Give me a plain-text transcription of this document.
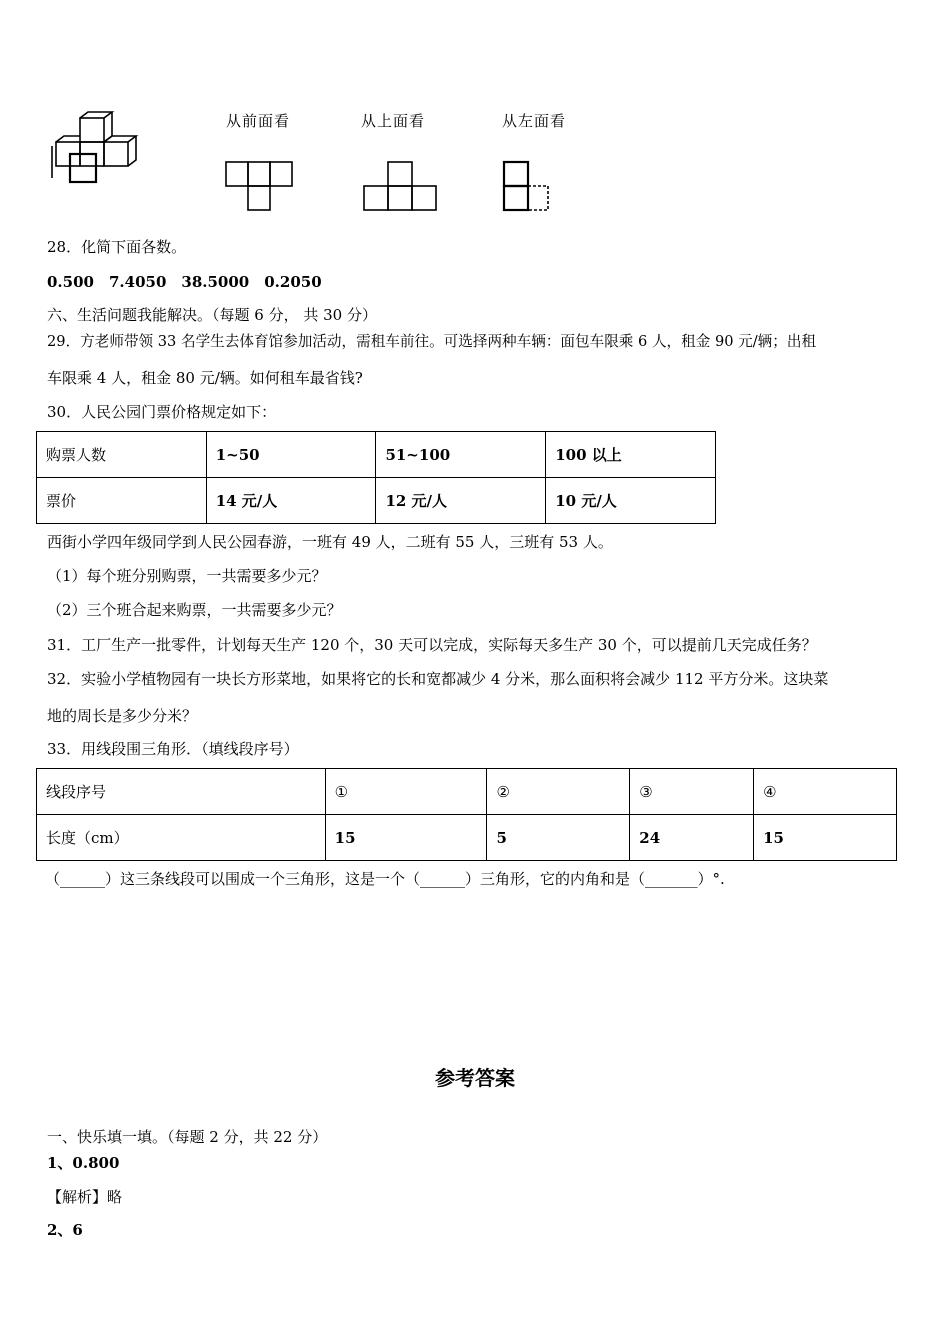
从前面看	从上面看	从左面看
28．化简下面各数。
0.500　7.4050　38.5000　0.2050
六、生活问题我能解决。（每题 6 分， 共 30 分）
29．方老师带领 33 名学生去体育馆参加活动，需租车前往。可选择两种车辆：面包车限乘 6 人，租金 90 元/辆；出租
车限乘 4 人，租金 80 元/辆。如何租车最省钱?
30．人民公园门票价格规定如下：
购票人数	1~50	51~100	100 以上
票价	14 元/人	12 元/人	10 元/人
西街小学四年级同学到人民公园春游，一班有 49 人，二班有 55 人，三班有 53 人。
（1）每个班分别购票，一共需要多少元？
（2）三个班合起来购票，一共需要多少元？
31．工厂生产一批零件，计划每天生产 120 个，30 天可以完成，实际每天多生产 30 个，可以提前几天完成任务？
32．实验小学植物园有一块长方形菜地，如果将它的长和宽都减少 4 分米，那么面积将会减少 112 平方分米。这块菜
地的周长是多少分米？
33．用线段围三角形．（填线段序号）
线段序号	①	②	③	④
长度（cm）	15	5	24	15
（______）这三条线段可以围成一个三角形，这是一个（______）三角形，它的内角和是（_______）°.
参考答案
一、快乐填一填。（每题 2 分，共 22 分）
1、0.800
【解析】略
2、6
